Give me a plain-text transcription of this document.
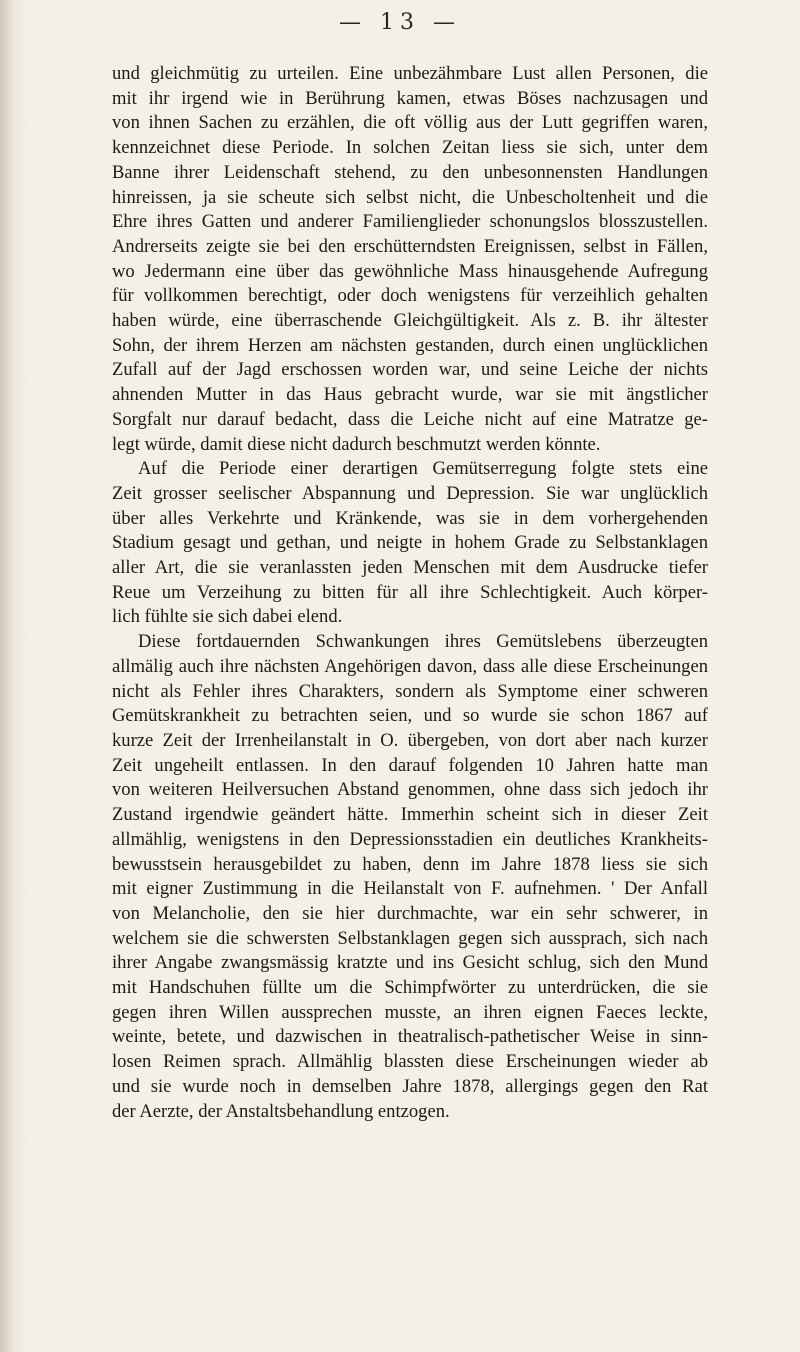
— 13 —
und gleichmütig zu urteilen. Eine unbezähmbare Lust allen Personen, die
mit ihr irgend wie in Berührung kamen, etwas Böses nachzusagen und
von ihnen Sachen zu erzählen, die oft völlig aus der Lutt gegriffen waren,
kennzeichnet diese Periode. In solchen Zeitan liess sie sich, unter dem
Banne ihrer Leidenschaft stehend, zu den unbesonnensten Handlungen
hinreissen, ja sie scheute sich selbst nicht, die Unbescholtenheit und die
Ehre ihres Gatten und anderer Familienglieder schonungslos blosszustellen.
Andrerseits zeigte sie bei den erschütterndsten Ereignissen, selbst in Fällen,
wo Jedermann eine über das gewöhnliche Mass hinausgehende Aufregung
für vollkommen berechtigt, oder doch wenigstens für verzeihlich gehalten
haben würde, eine überraschende Gleichgültigkeit. Als z. B. ihr ältester
Sohn, der ihrem Herzen am nächsten gestanden, durch einen unglücklichen
Zufall auf der Jagd erschossen worden war, und seine Leiche der nichts
ahnenden Mutter in das Haus gebracht wurde, war sie mit ängstlicher
Sorgfalt nur darauf bedacht, dass die Leiche nicht auf eine Matratze ge-
legt würde, damit diese nicht dadurch beschmutzt werden könnte.
Auf die Periode einer derartigen Gemütserregung folgte stets eine
Zeit grosser seelischer Abspannung und Depression. Sie war unglücklich
über alles Verkehrte und Kränkende, was sie in dem vorhergehenden
Stadium gesagt und gethan, und neigte in hohem Grade zu Selbstanklagen
aller Art, die sie veranlassten jeden Menschen mit dem Ausdrucke tiefer
Reue um Verzeihung zu bitten für all ihre Schlechtigkeit. Auch körper-
lich fühlte sie sich dabei elend.
Diese fortdauernden Schwankungen ihres Gemütslebens überzeugten
allmälig auch ihre nächsten Angehörigen davon, dass alle diese Erscheinungen
nicht als Fehler ihres Charakters, sondern als Symptome einer schweren
Gemütskrankheit zu betrachten seien, und so wurde sie schon 1867 auf
kurze Zeit der Irrenheilanstalt in O. übergeben, von dort aber nach kurzer
Zeit ungeheilt entlassen. In den darauf folgenden 10 Jahren hatte man
von weiteren Heilversuchen Abstand genommen, ohne dass sich jedoch ihr
Zustand irgendwie geändert hätte. Immerhin scheint sich in dieser Zeit
allmählig, wenigstens in den Depressionsstadien ein deutliches Krankheits-
bewusstsein herausgebildet zu haben, denn im Jahre 1878 liess sie sich
mit eigner Zustimmung in die Heilanstalt von F. aufnehmen. ' Der Anfall
von Melancholie, den sie hier durchmachte, war ein sehr schwerer, in
welchem sie die schwersten Selbstanklagen gegen sich aussprach, sich nach
ihrer Angabe zwangsmässig kratzte und ins Gesicht schlug, sich den Mund
mit Handschuhen füllte um die Schimpfwörter zu unterdrücken, die sie
gegen ihren Willen aussprechen musste, an ihren eignen Faeces leckte,
weinte, betete, und dazwischen in theatralisch-pathetischer Weise in sinn-
losen Reimen sprach. Allmählig blassten diese Erscheinungen wieder ab
und sie wurde noch in demselben Jahre 1878, allergings gegen den Rat
der Aerzte, der Anstaltsbehandlung entzogen.
